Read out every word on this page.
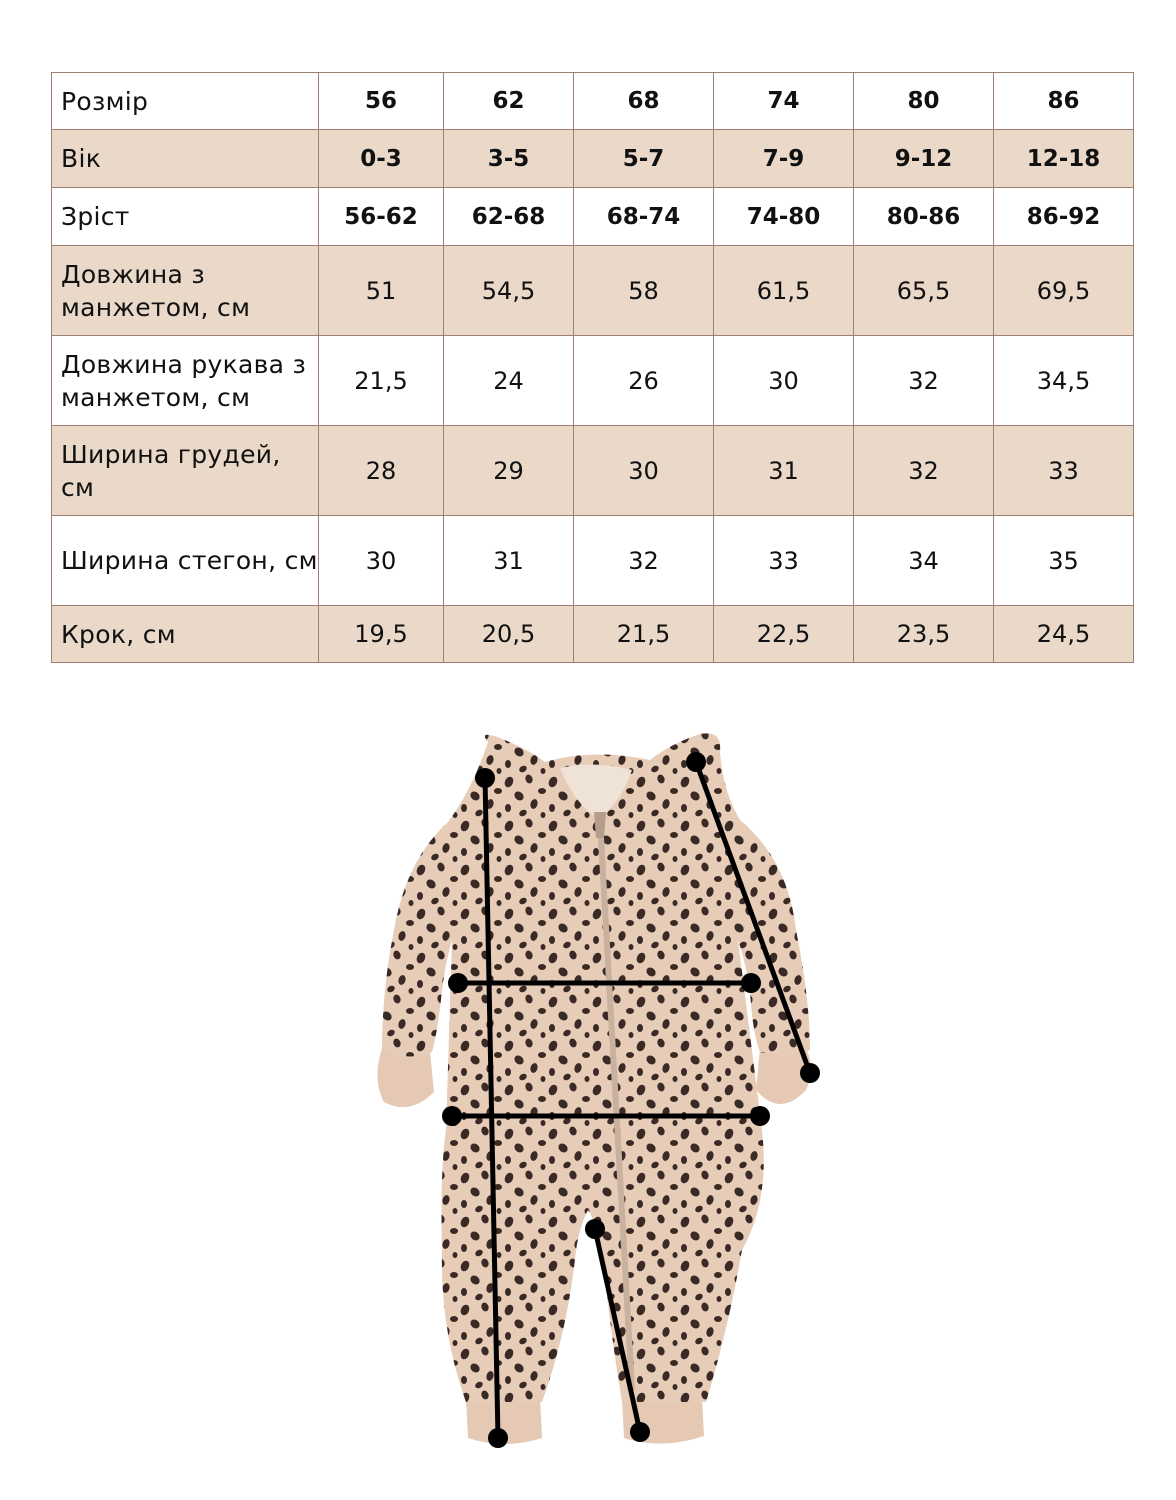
Розмір	56	62	68	74	80	86
Вік	0-3	3-5	5-7	7-9	9-12	12-18
Зріст	56-62	62-68	68-74	74-80	80-86	86-92
Довжина з манжетом, см	51	54,5	58	61,5	65,5	69,5
Довжина рукава з манжетом, см	21,5	24	26	30	32	34,5
Ширина грудей, см	28	29	30	31	32	33
Ширина стегон, см	30	31	32	33	34	35
Крок, см	19,5	20,5	21,5	22,5	23,5	24,5
